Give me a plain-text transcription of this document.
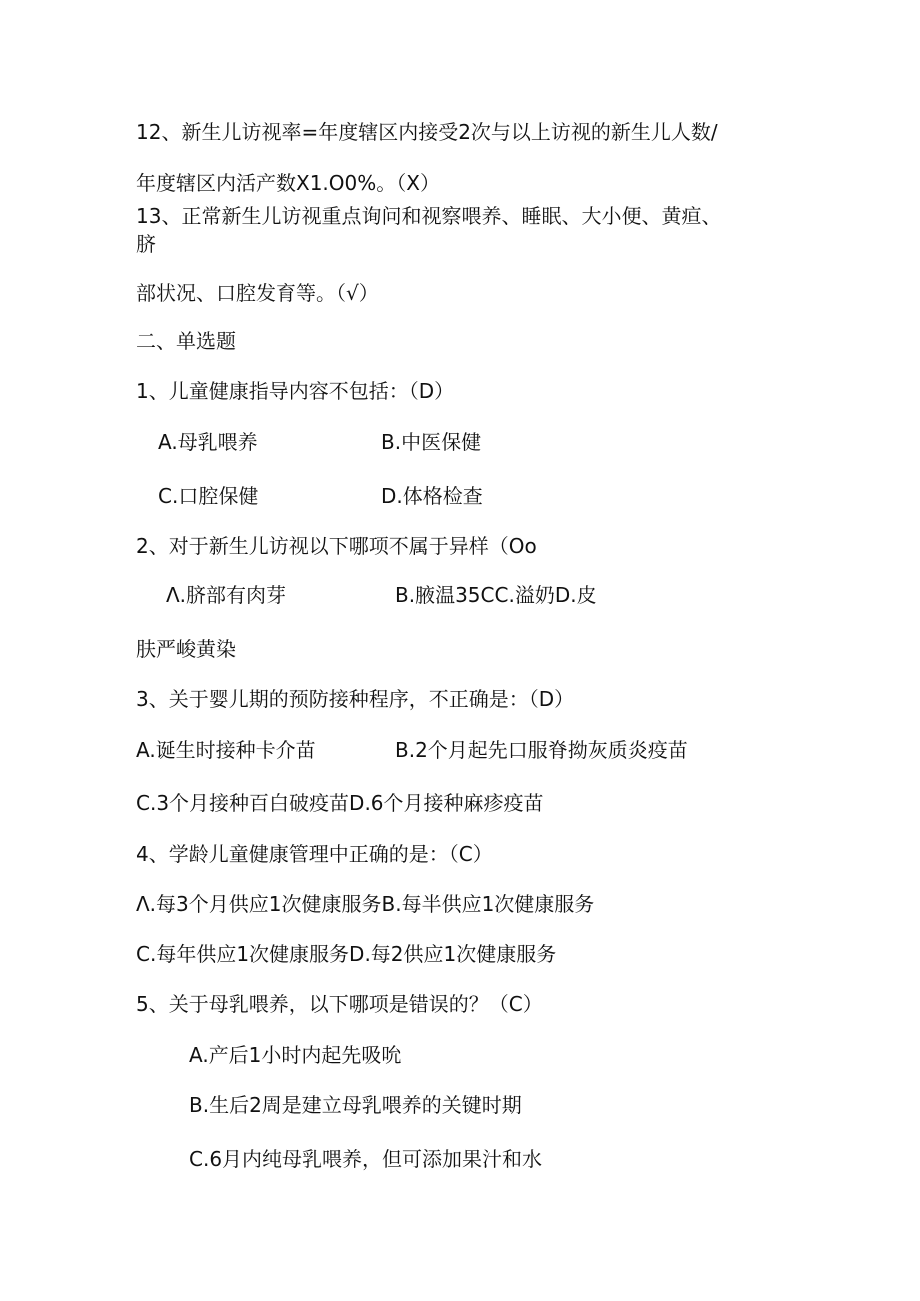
12、新生儿访视率=年度辖区内接受2次与以上访视的新生儿人数/
年度辖区内活产数X1.O0%。（X）
13、正常新生儿访视重点询问和视察喂养、睡眠、大小便、黄疸、
脐
部状况、口腔发育等。（√）
二、单选题
1、儿童健康指导内容不包括：（D）
A.母乳喂养	B.中医保健
C.口腔保健	D.体格检查
2、对于新生儿访视以下哪项不属于异样（Oo
Λ.脐部有肉芽	B.腋温35CC.溢奶D.皮
肤严峻黄染
3、关于婴儿期的预防接种程序，不正确是：（D）
A.诞生时接种卡介苗	B.2个月起先口服脊拗灰质炎疫苗
C.3个月接种百白破疫苗D.6个月接种麻疹疫苗
4、学龄儿童健康管理中正确的是：（C）
Λ.每3个月供应1次健康服务B.每半供应1次健康服务
C.每年供应1次健康服务D.每2供应1次健康服务
5、关于母乳喂养，以下哪项是错误的？（C）
A.产后1小时内起先吸吮
B.生后2周是建立母乳喂养的关键时期
C.6月内纯母乳喂养，但可添加果汁和水
